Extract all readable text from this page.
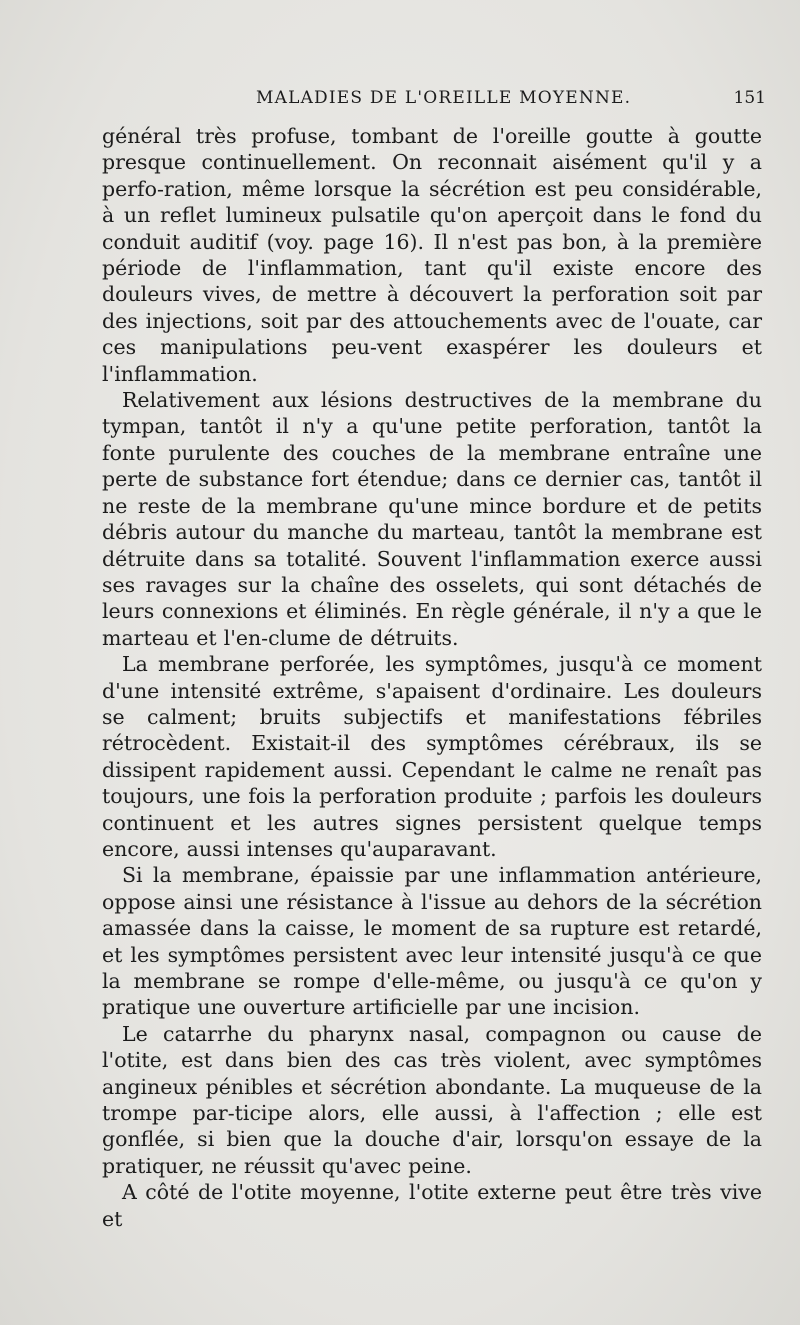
MALADIES DE L'OREILLE MOYENNE.	151

général très profuse, tombant de l'oreille goutte à goutte presque continuellement. On reconnait aisément qu'il y a perfo-ration, même lorsque la sécrétion est peu considérable, à un reflet lumineux pulsatile qu'on aperçoit dans le fond du conduit auditif (voy. page 16). Il n'est pas bon, à la première période de l'inflammation, tant qu'il existe encore des douleurs vives, de mettre à découvert la perforation soit par des injections, soit par des attouchements avec de l'ouate, car ces manipulations peu-vent exaspérer les douleurs et l'inflammation.

Relativement aux lésions destructives de la membrane du tympan, tantôt il n'y a qu'une petite perforation, tantôt la fonte purulente des couches de la membrane entraîne une perte de substance fort étendue; dans ce dernier cas, tantôt il ne reste de la membrane qu'une mince bordure et de petits débris autour du manche du marteau, tantôt la membrane est détruite dans sa totalité. Souvent l'inflammation exerce aussi ses ravages sur la chaîne des osselets, qui sont détachés de leurs connexions et éliminés. En règle générale, il n'y a que le marteau et l'en-clume de détruits.

La membrane perforée, les symptômes, jusqu'à ce moment d'une intensité extrême, s'apaisent d'ordinaire. Les douleurs se calment; bruits subjectifs et manifestations fébriles rétrocèdent. Existait-il des symptômes cérébraux, ils se dissipent rapidement aussi. Cependant le calme ne renaît pas toujours, une fois la perforation produite ; parfois les douleurs continuent et les autres signes persistent quelque temps encore, aussi intenses qu'auparavant.

Si la membrane, épaissie par une inflammation antérieure, oppose ainsi une résistance à l'issue au dehors de la sécrétion amassée dans la caisse, le moment de sa rupture est retardé, et les symptômes persistent avec leur intensité jusqu'à ce que la membrane se rompe d'elle-même, ou jusqu'à ce qu'on y pratique une ouverture artificielle par une incision.

Le catarrhe du pharynx nasal, compagnon ou cause de l'otite, est dans bien des cas très violent, avec symptômes angineux pénibles et sécrétion abondante. La muqueuse de la trompe par-ticipe alors, elle aussi, à l'affection ; elle est gonflée, si bien que la douche d'air, lorsqu'on essaye de la pratiquer, ne réussit qu'avec peine.

A côté de l'otite moyenne, l'otite externe peut être très vive et
